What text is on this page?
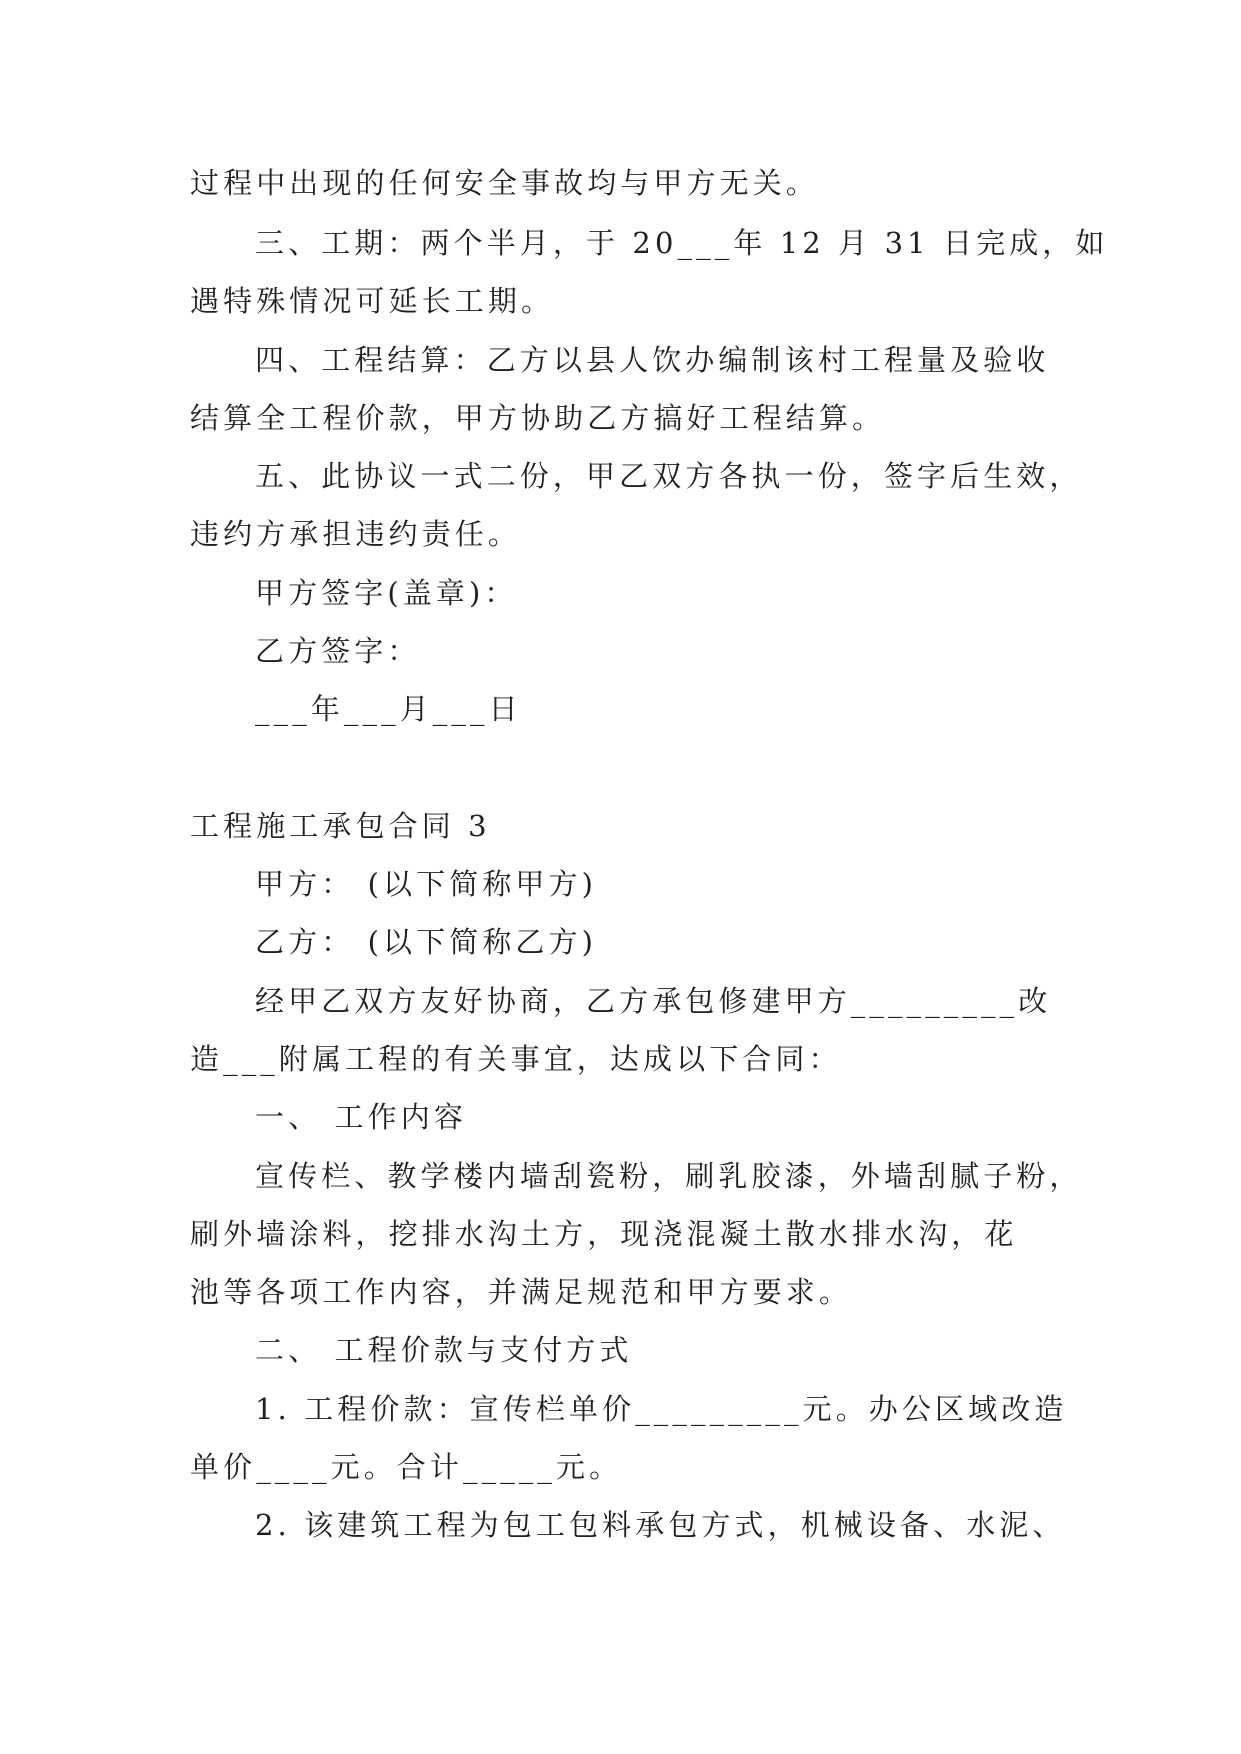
过程中出现的任何安全事故均与甲方无关。
三、工期：两个半月，于 20___年 12 月 31 日完成，如
遇特殊情况可延长工期。
四、工程结算：乙方以县人饮办编制该村工程量及验收
结算全工程价款，甲方协助乙方搞好工程结算。
五、此协议一式二份，甲乙双方各执一份，签字后生效，
违约方承担违约责任。
甲方签字(盖章)：
乙方签字：
___年___月___日
工程施工承包合同 3
甲方： (以下简称甲方)
乙方： (以下简称乙方)
经甲乙双方友好协商，乙方承包修建甲方_________改
造___附属工程的有关事宜，达成以下合同：
一、 工作内容
宣传栏、教学楼内墙刮瓷粉，刷乳胶漆，外墙刮腻子粉，
刷外墙涂料，挖排水沟土方，现浇混凝土散水排水沟，花
池等各项工作内容，并满足规范和甲方要求。
二、 工程价款与支付方式
1. 工程价款：宣传栏单价_________元。办公区域改造
单价____元。合计_____元。
2. 该建筑工程为包工包料承包方式，机械设备、水泥、
